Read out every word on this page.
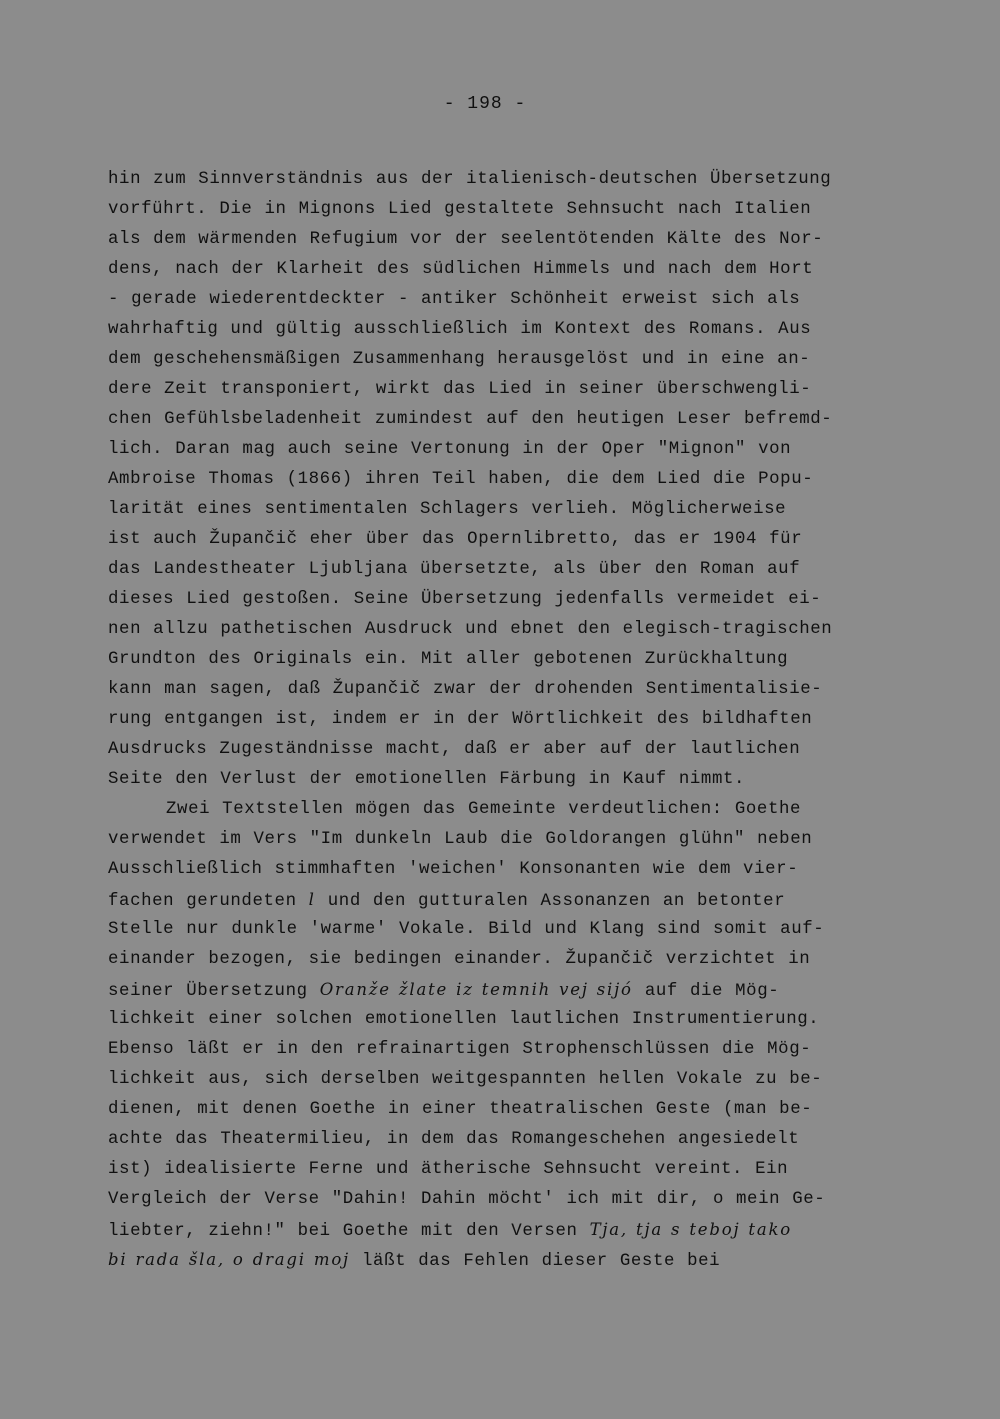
- 198 -
hin zum Sinnverständnis aus der italienisch-deutschen Übersetzung
vorführt. Die in Mignons Lied gestaltete Sehnsucht nach Italien
als dem wärmenden Refugium vor der seelentötenden Kälte des Nor-
dens, nach der Klarheit des südlichen Himmels und nach dem Hort
- gerade wiederentdeckter - antiker Schönheit erweist sich als
wahrhaftig und gültig ausschließlich im Kontext des Romans. Aus
dem geschehensmäßigen Zusammenhang herausgelöst und in eine an-
dere Zeit transponiert, wirkt das Lied in seiner überschwengli-
chen Gefühlsbeladenheit zumindest auf den heutigen Leser befremd-
lich. Daran mag auch seine Vertonung in der Oper "Mignon" von
Ambroise Thomas (1866) ihren Teil haben, die dem Lied die Popu-
larität eines sentimentalen Schlagers verlieh. Möglicherweise
ist auch Župančič eher über das Opernlibretto, das er 1904 für
das Landestheater Ljubljana übersetzte, als über den Roman auf
dieses Lied gestoßen. Seine Übersetzung jedenfalls vermeidet ei-
nen allzu pathetischen Ausdruck und ebnet den elegisch-tragischen
Grundton des Originals ein. Mit aller gebotenen Zurückhaltung
kann man sagen, daß Župančič zwar der drohenden Sentimentalisie-
rung entgangen ist, indem er in der Wörtlichkeit des bildhaften
Ausdrucks Zugeständnisse macht, daß er aber auf der lautlichen
Seite den Verlust der emotionellen Färbung in Kauf nimmt.
Zwei Textstellen mögen das Gemeinte verdeutlichen: Goethe
verwendet im Vers "Im dunkeln Laub die Goldorangen glühn" neben
Ausschließlich stimmhaften 'weichen' Konsonanten wie dem vier-
fachen gerundeten l und den gutturalen Assonanzen an betonter
Stelle nur dunkle 'warme' Vokale. Bild und Klang sind somit auf-
einander bezogen, sie bedingen einander. Župančič verzichtet in
seiner Übersetzung Oranže žlate iz temnih vej sijó auf die Mög-
lichkeit einer solchen emotionellen lautlichen Instrumentierung.
Ebenso läßt er in den refrainartigen Strophenschlüssen die Mög-
lichkeit aus, sich derselben weitgespannten hellen Vokale zu be-
dienen, mit denen Goethe in einer theatralischen Geste (man be-
achte das Theatermilieu, in dem das Romangeschehen angesiedelt
ist) idealisierte Ferne und ätherische Sehnsucht vereint. Ein
Vergleich der Verse "Dahin! Dahin möcht' ich mit dir, o mein Ge-
liebter, ziehn!" bei Goethe mit den Versen Tja, tja s teboj tako
bi rada šla, o dragi moj läßt das Fehlen dieser Geste bei
